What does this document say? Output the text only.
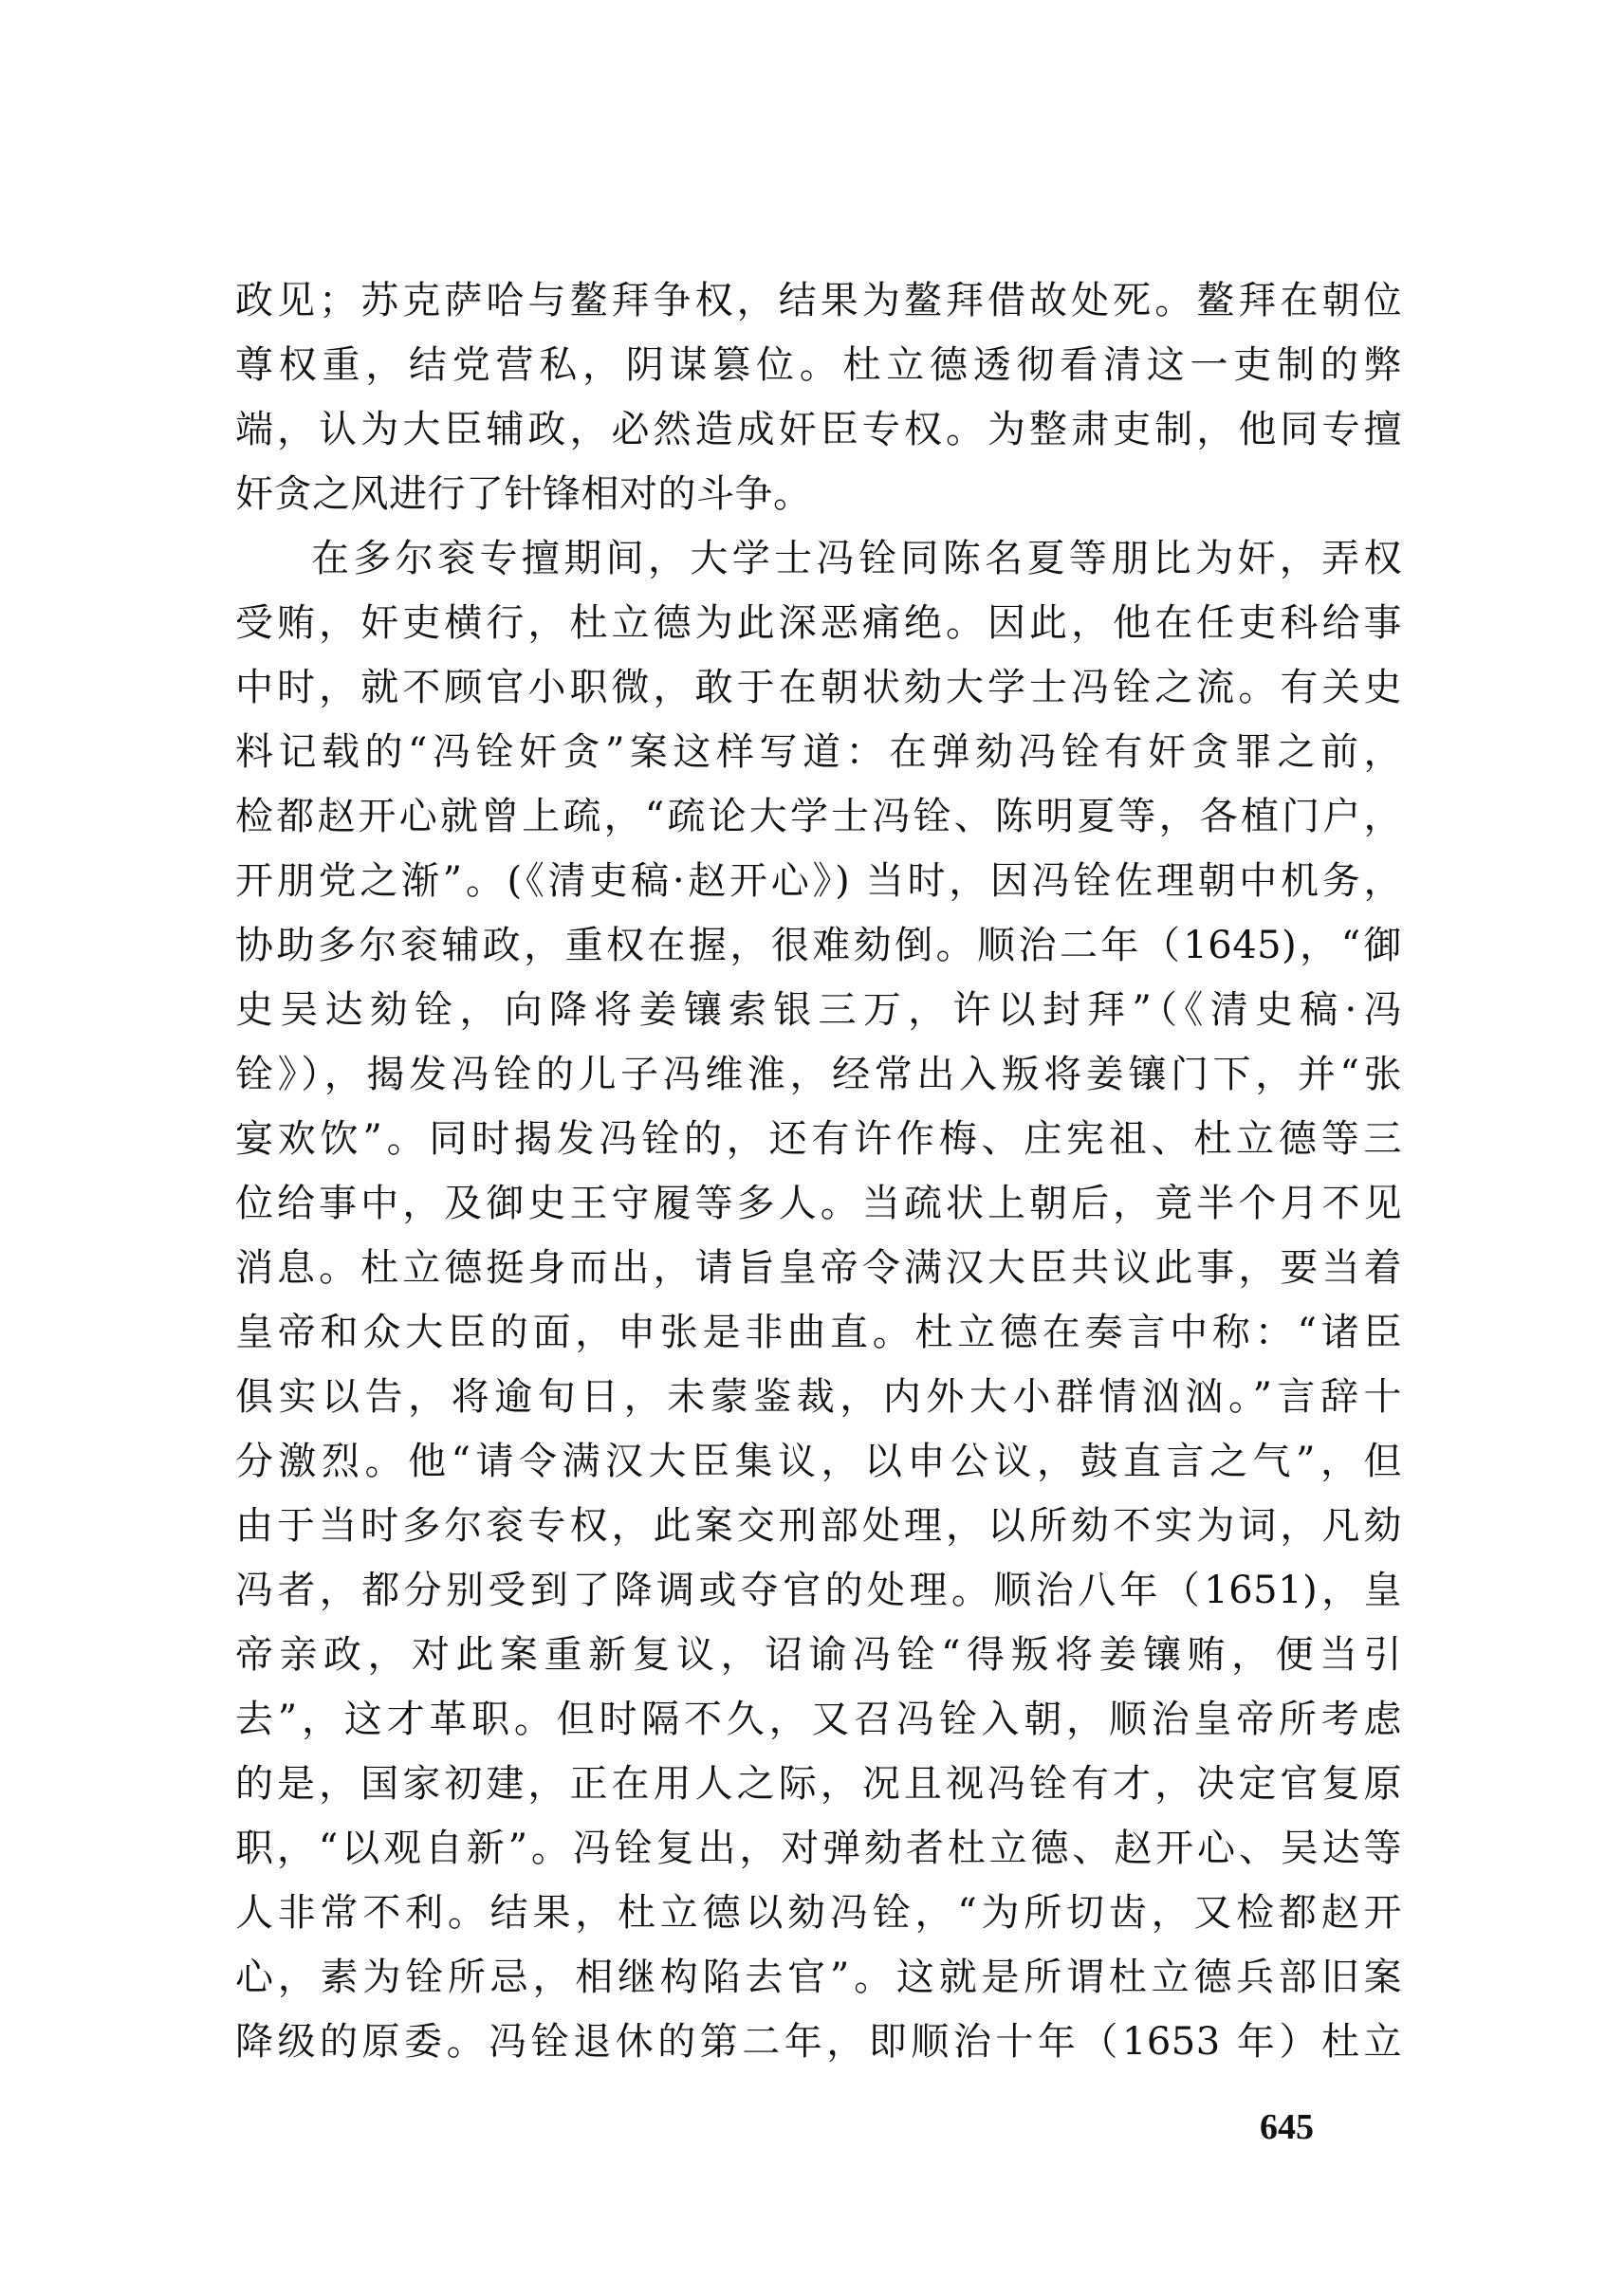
政见；苏克萨哈与鳌拜争权，结果为鳌拜借故处死。鳌拜在朝位
尊权重，结党营私，阴谋篡位。杜立德透彻看清这一吏制的弊
端，认为大臣辅政，必然造成奸臣专权。为整肃吏制，他同专擅
奸贪之风进行了针锋相对的斗争。
在多尔衮专擅期间，大学士冯铨同陈名夏等朋比为奸，弄权
受贿，奸吏横行，杜立德为此深恶痛绝。因此，他在任吏科给事
中时，就不顾官小职微，敢于在朝状劾大学士冯铨之流。有关史
料记载的“冯铨奸贪”案这样写道：在弹劾冯铨有奸贪罪之前，
检都赵开心就曾上疏，“疏论大学士冯铨、陈明夏等，各植门户，
开朋党之渐”。(《清吏稿·赵开心》) 当时，因冯铨佐理朝中机务，
协助多尔衮辅政，重权在握，很难劾倒。顺治二年（1645)，“御
史吴达劾铨，向降将姜镶索银三万，许以封拜”（《清史稿·冯
铨》），揭发冯铨的儿子冯维淮，经常出入叛将姜镶门下，并“张
宴欢饮”。同时揭发冯铨的，还有许作梅、庄宪祖、杜立德等三
位给事中，及御史王守履等多人。当疏状上朝后，竟半个月不见
消息。杜立德挺身而出，请旨皇帝令满汉大臣共议此事，要当着
皇帝和众大臣的面，申张是非曲直。杜立德在奏言中称：“诸臣
俱实以告，将逾旬日，未蒙鉴裁，内外大小群情汹汹。”言辞十
分激烈。他“请令满汉大臣集议，以申公议，鼓直言之气”，但
由于当时多尔衮专权，此案交刑部处理，以所劾不实为词，凡劾
冯者，都分别受到了降调或夺官的处理。顺治八年（1651)，皇
帝亲政，对此案重新复议，诏谕冯铨“得叛将姜镶贿，便当引
去”，这才革职。但时隔不久，又召冯铨入朝，顺治皇帝所考虑
的是，国家初建，正在用人之际，况且视冯铨有才，决定官复原
职，“以观自新”。冯铨复出，对弹劾者杜立德、赵开心、吴达等
人非常不利。结果，杜立德以劾冯铨，“为所切齿，又检都赵开
心，素为铨所忌，相继构陷去官”。这就是所谓杜立德兵部旧案
降级的原委。冯铨退休的第二年，即顺治十年（1653 年）杜立
645
